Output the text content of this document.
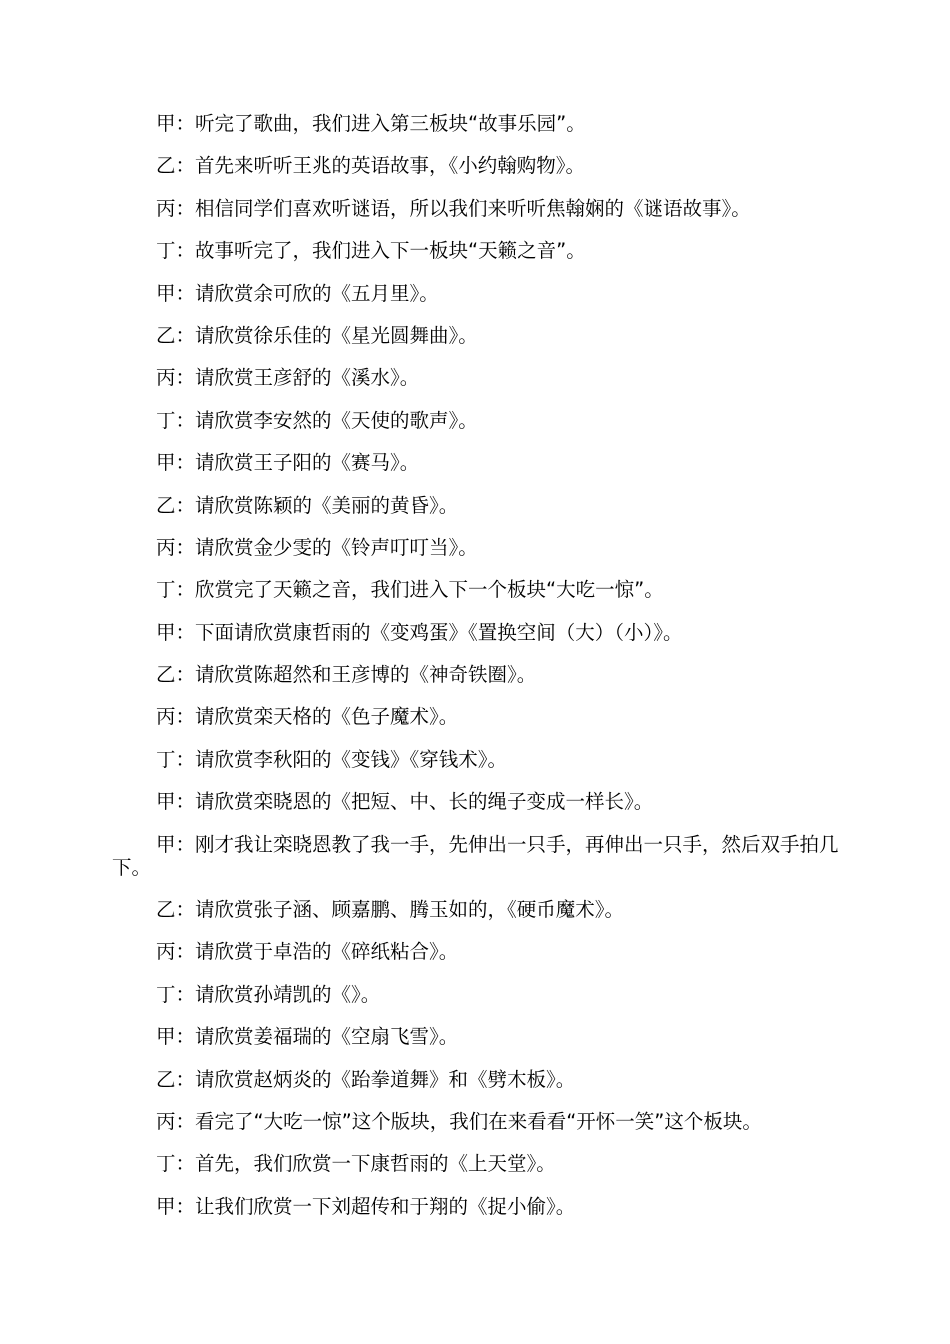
甲：听完了歌曲，我们进入第三板块“故事乐园”。

乙：首先来听听王兆的英语故事，《小约翰购物》。

丙：相信同学们喜欢听谜语，所以我们来听听焦翰娴的《谜语故事》。

丁：故事听完了，我们进入下一板块“天籁之音”。

甲：请欣赏余可欣的《五月里》。

乙：请欣赏徐乐佳的《星光圆舞曲》。

丙：请欣赏王彦舒的《溪水》。

丁：请欣赏李安然的《天使的歌声》。

甲：请欣赏王子阳的《赛马》。

乙：请欣赏陈颖的《美丽的黄昏》。

丙：请欣赏金少雯的《铃声叮叮当》。

丁：欣赏完了天籁之音，我们进入下一个板块“大吃一惊”。

甲：下面请欣赏康哲雨的《变鸡蛋》《置换空间（大）（小）》。

乙：请欣赏陈超然和王彦博的《神奇铁圈》。

丙：请欣赏栾天格的《色子魔术》。

丁：请欣赏李秋阳的《变钱》《穿钱术》。

甲：请欣赏栾晓恩的《把短、中、长的绳子变成一样长》。

甲：刚才我让栾晓恩教了我一手，先伸出一只手，再伸出一只手，然后双手拍几下。

乙：请欣赏张子涵、顾嘉鹏、腾玉如的，《硬币魔术》。

丙：请欣赏于卓浩的《碎纸粘合》。

丁：请欣赏孙靖凯的《》。

甲：请欣赏姜福瑞的《空扇飞雪》。

乙：请欣赏赵炳炎的《跆拳道舞》和《劈木板》。

丙：看完了“大吃一惊”这个版块，我们在来看看“开怀一笑”这个板块。

丁：首先，我们欣赏一下康哲雨的《上天堂》。

甲：让我们欣赏一下刘超传和于翔的《捉小偷》。
